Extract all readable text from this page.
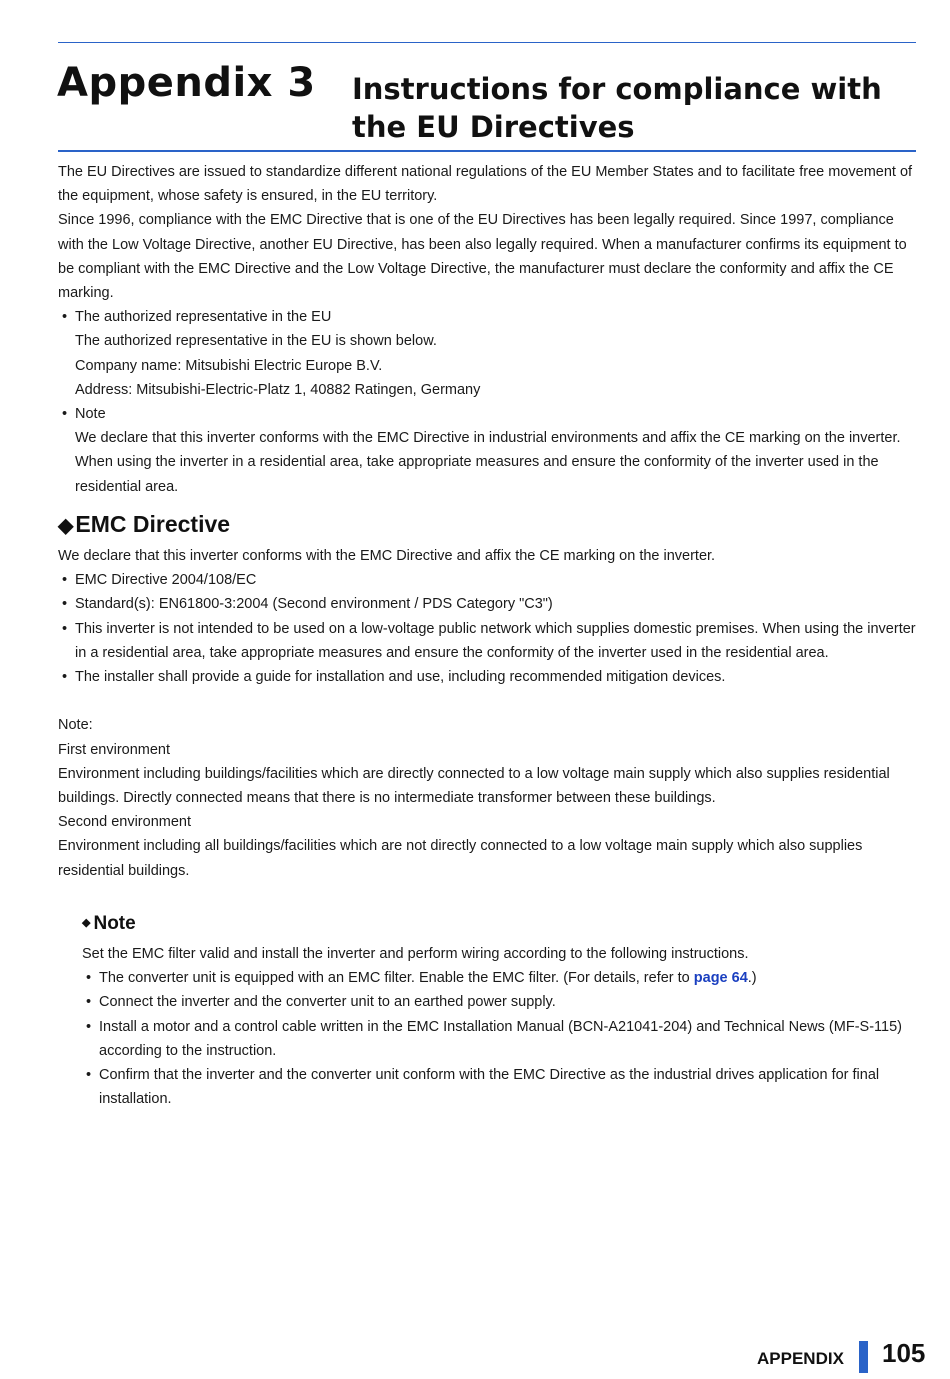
Appendix 3 Instructions for compliance with
the EU Directives

The EU Directives are issued to standardize different national regulations of the EU Member States and to facilitate free movement of the equipment, whose safety is ensured, in the EU territory.

Since 1996, compliance with the EMC Directive that is one of the EU Directives has been legally required. Since 1997, compliance with the Low Voltage Directive, another EU Directive, has been also legally required. When a manufacturer confirms its equipment to be compliant with the EMC Directive and the Low Voltage Directive, the manufacturer must declare the conformity and affix the CE marking.

• The authorized representative in the EU

The authorized representative in the EU is shown below.

Company name: Mitsubishi Electric Europe B.V.

Address: Mitsubishi-Electric-Platz 1, 40882 Ratingen, Germany

• Note

We declare that this inverter conforms with the EMC Directive in industrial environments and affix the CE marking on the inverter. When using the inverter in a residential area, take appropriate measures and ensure the conformity of the inverter used in the residential area.

◆EMC Directive

We declare that this inverter conforms with the EMC Directive and affix the CE marking on the inverter.

• EMC Directive 2004/108/EC

• Standard(s): EN61800-3:2004 (Second environment / PDS Category "C3")

• This inverter is not intended to be used on a low-voltage public network which supplies domestic premises. When using the inverter in a residential area, take appropriate measures and ensure the conformity of the inverter used in the residential area.

• The installer shall provide a guide for installation and use, including recommended mitigation devices.

Note:

First environment

Environment including buildings/facilities which are directly connected to a low voltage main supply which also supplies residential buildings. Directly connected means that there is no intermediate transformer between these buildings.

Second environment

Environment including all buildings/facilities which are not directly connected to a low voltage main supply which also supplies residential buildings.

◆ Note

Set the EMC filter valid and install the inverter and perform wiring according to the following instructions.

• The converter unit is equipped with an EMC filter. Enable the EMC filter. (For details, refer to page 64.)

• Connect the inverter and the converter unit to an earthed power supply.

• Install a motor and a control cable written in the EMC Installation Manual (BCN-A21041-204) and Technical News (MF-S-115) according to the instruction.

• Confirm that the inverter and the converter unit conform with the EMC Directive as the industrial drives application for final installation.

APPENDIX 105
